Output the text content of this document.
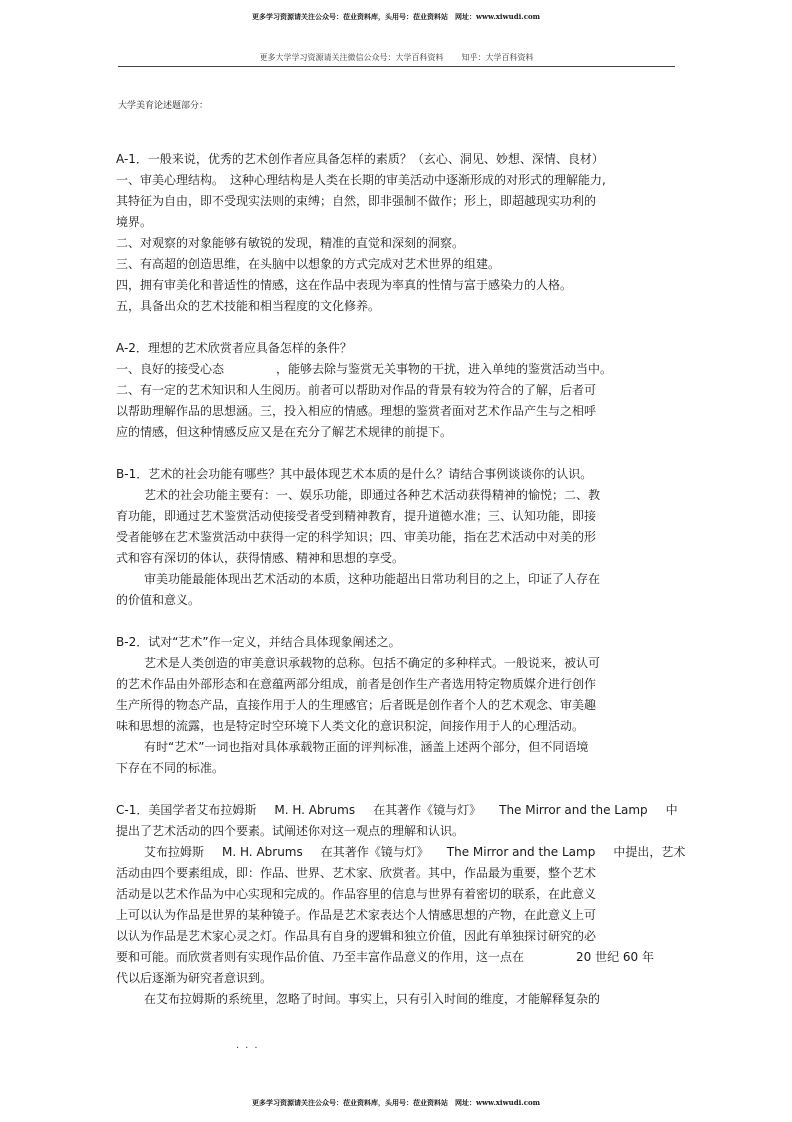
更多学习资源请关注公众号：莅业资料库，头用号：莅业资料站　网址：www.xiwudi.com
更多大学学习资源请关注微信公众号：大学百科资料 知乎：大学百科资料
大学美育论述题部分：

A-1．一般来说，优秀的艺术创作者应具备怎样的素质？（玄心、洞见、妙想、深情、良材）

一、审美心理结构。　这种心理结构是人类在长期的审美活动中逐渐形成的对形式的理解能力,

其特征为自由，即不受现实法则的束缚；自然，即非强制不做作；形上，即超越现实功利的

境界。

二、对观察的对象能够有敏锐的发现，精准的直觉和深刻的洞察。

三、有高超的创造思维，在头脑中以想象的方式完成对艺术世界的组建。

四，拥有审美化和普适性的情感，这在作品中表现为率真的性情与富于感染力的人格。

五，具备出众的艺术技能和相当程度的文化修养。

A-2．理想的艺术欣赏者应具备怎样的条件？

一、良好的接受心态	，能够去除与鉴赏无关事物的干扰，进入单纯的鉴赏活动当中。

二、有一定的艺术知识和人生阅历。前者可以帮助对作品的背景有较为符合的了解，后者可

以帮助理解作品的思想涵。三，投入相应的情感。理想的鉴赏者面对艺术作品产生与之相呼

应的情感，但这种情感反应又是在充分了解艺术规律的前提下。

B-1．艺术的社会功能有哪些？其中最体现艺术本质的是什么？请结合事例谈谈你的认识。

艺术的社会功能主要有：一、娱乐功能，即通过各种艺术活动获得精神的愉悦；二、教

育功能，即通过艺术鉴赏活动使接受者受到精神教育，提升道德水准；三、认知功能，即接

受者能够在艺术鉴赏活动中获得一定的科学知识；四、审美功能，指在艺术活动中对美的形

式和容有深切的体认，获得情感、精神和思想的享受。

审美功能最能体现出艺术活动的本质，这种功能超出日常功利目的之上，印证了人存在

的价值和意义。

B-2．试对“艺术”作一定义，并结合具体现象阐述之。

艺术是人类创造的审美意识承载物的总称。包括不确定的多种样式。一般说来，被认可

的艺术作品由外部形态和在意蕴两部分组成，前者是创作生产者选用特定物质媒介进行创作

生产所得的物态产品，直接作用于人的生理感官；后者既是创作者个人的艺术观念、审美趣

味和思想的流露，也是特定时空环境下人类文化的意识积淀，间接作用于人的心理活动。

有时“艺术”一词也指对具体承载物正面的评判标准，涵盖上述两个部分，但不同语境

下存在不同的标准。

C-1．美国学者艾布拉姆斯 M. H. Abrums 在其著作《镜与灯》 The Mirror and the Lamp 中

提出了艺术活动的四个要素。试阐述你对这一观点的理解和认识。

艾布拉姆斯 M. H. Abrums 在其著作《镜与灯》 The Mirror and the Lamp 中提出，艺术

活动由四个要素组成，即：作品、世界、艺术家、欣赏者。其中，作品最为重要，整个艺术

活动是以艺术作品为中心实现和完成的。作品容里的信息与世界有着密切的联系，在此意义

上可以认为作品是世界的某种镜子。作品是艺术家表达个人情感思想的产物，在此意义上可

以认为作品是艺术家心灵之灯。作品具有自身的逻辑和独立价值，因此有单独探讨研究的必

要和可能。而欣赏者则有实现作品价值、乃至丰富作品意义的作用，这一点在	20 世纪 60 年

代以后逐渐为研究者意识到。

在艾布拉姆斯的系统里，忽略了时间。事实上，只有引入时间的维度，才能解释复杂的

...
更多学习资源请关注公众号：莅业资料库，头用号：莅业资料站　网址：www.xiwudi.com
